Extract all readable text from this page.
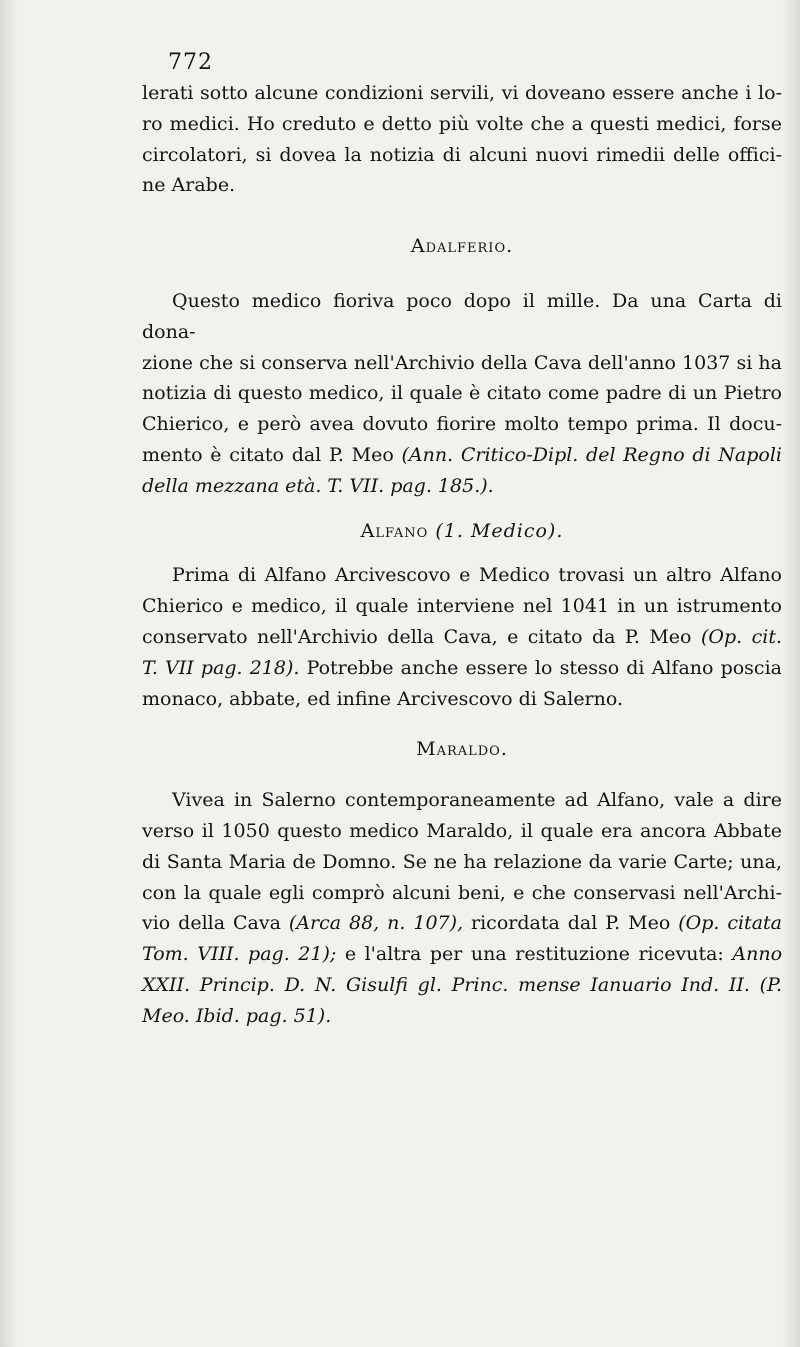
772

lerati sotto alcune condizioni servili, vi doveano essere anche i lo-

ro medici. Ho creduto e detto più volte che a questi medici, forse

circolatori, si dovea la notizia di alcuni nuovi rimedii delle offici-

ne Arabe.

Adalferio.

Questo medico fioriva poco dopo il mille. Da una Carta di dona-

zione che si conserva nell'Archivio della Cava dell'anno 1037 si ha

notizia di questo medico, il quale è citato come padre di un Pietro

Chierico, e però avea dovuto fiorire molto tempo prima. Il docu-

mento è citato dal P. Meo (Ann. Critico-Dipl. del Regno di Napoli

della mezzana età. T. VII. pag. 185.).

Alfano (1. Medico).

Prima di Alfano Arcivescovo e Medico trovasi un altro Alfano

Chierico e medico, il quale interviene nel 1041 in un istrumento

conservato nell'Archivio della Cava, e citato da P. Meo (Op. cit.

T. VII pag. 218). Potrebbe anche essere lo stesso di Alfano poscia

monaco, abbate, ed infine Arcivescovo di Salerno.

Maraldo.

Vivea in Salerno contemporaneamente ad Alfano, vale a dire

verso il 1050 questo medico Maraldo, il quale era ancora Abbate

di Santa Maria de Domno. Se ne ha relazione da varie Carte; una,

con la quale egli comprò alcuni beni, e che conservasi nell'Archi-

vio della Cava (Arca 88, n. 107), ricordata dal P. Meo (Op. citata

Tom. VIII. pag. 21); e l'altra per una restituzione ricevuta: Anno

XXII. Princip. D. N. Gisulfi gl. Princ. mense Ianuario Ind. II. (P.

Meo. Ibid. pag. 51).
